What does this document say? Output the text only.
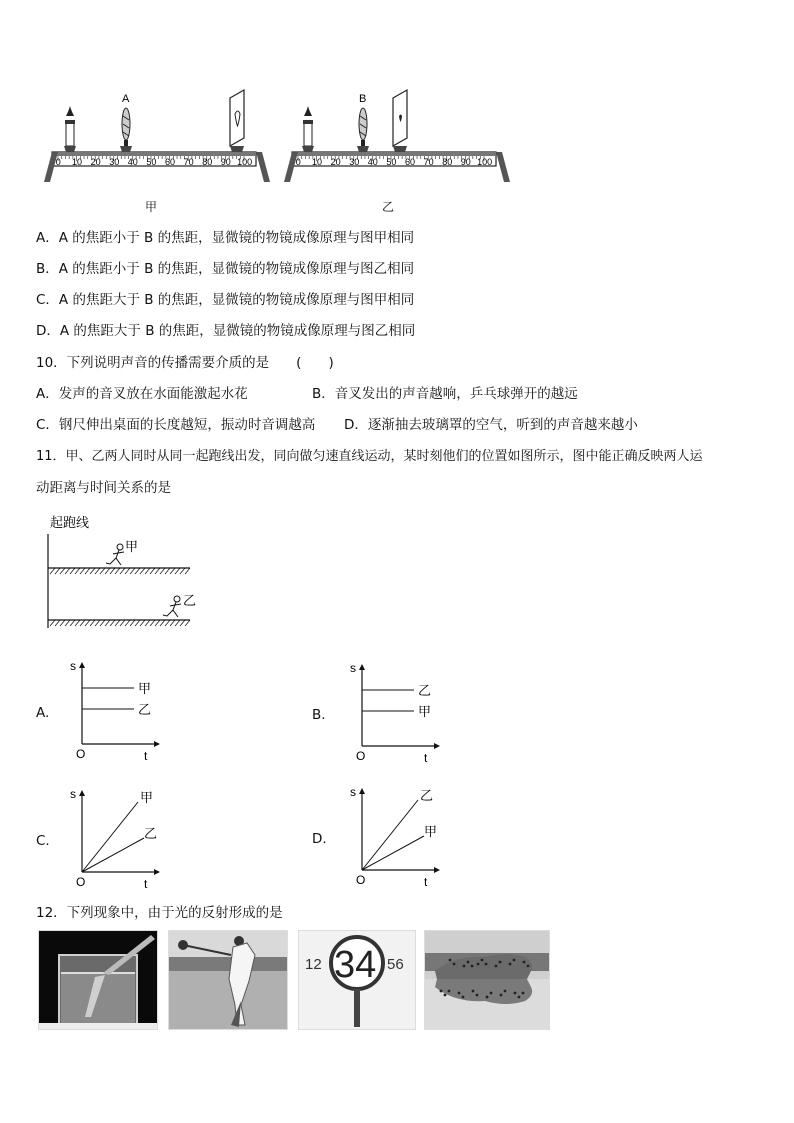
0 10 20 30 40 50 60 70 80 90 100
A
0 10 20 30 40 50 60 70 80 90 100
B
甲	乙
A．A 的焦距小于 B 的焦距，显微镜的物镜成像原理与图甲相同
B．A 的焦距小于 B 的焦距，显微镜的物镜成像原理与图乙相同
C．A 的焦距大于 B 的焦距，显微镜的物镜成像原理与图甲相同
D．A 的焦距大于 B 的焦距，显微镜的物镜成像原理与图乙相同
10．下列说明声音的传播需要介质的是　　(　　)
A．发声的音叉放在水面能激起水花	B．音叉发出的声音越响，乒乓球弹开的越远
C．钢尺伸出桌面的长度越短，振动时音调越高 D．逐渐抽去玻璃罩的空气，听到的声音越来越小
11．甲、乙两人同时从同一起跑线出发，同向做匀速直线运动，某时刻他们的位置如图所示，图中能正确反映两人运
动距离与时间关系的是
起跑线
甲
乙
A.
s
t
O
甲
乙	B.
s
t
O
乙
甲
C.
s
t
O
甲
乙	D.
s
t
O
乙
甲
12．下列现象中，由于光的反射形成的是
12	56
34
